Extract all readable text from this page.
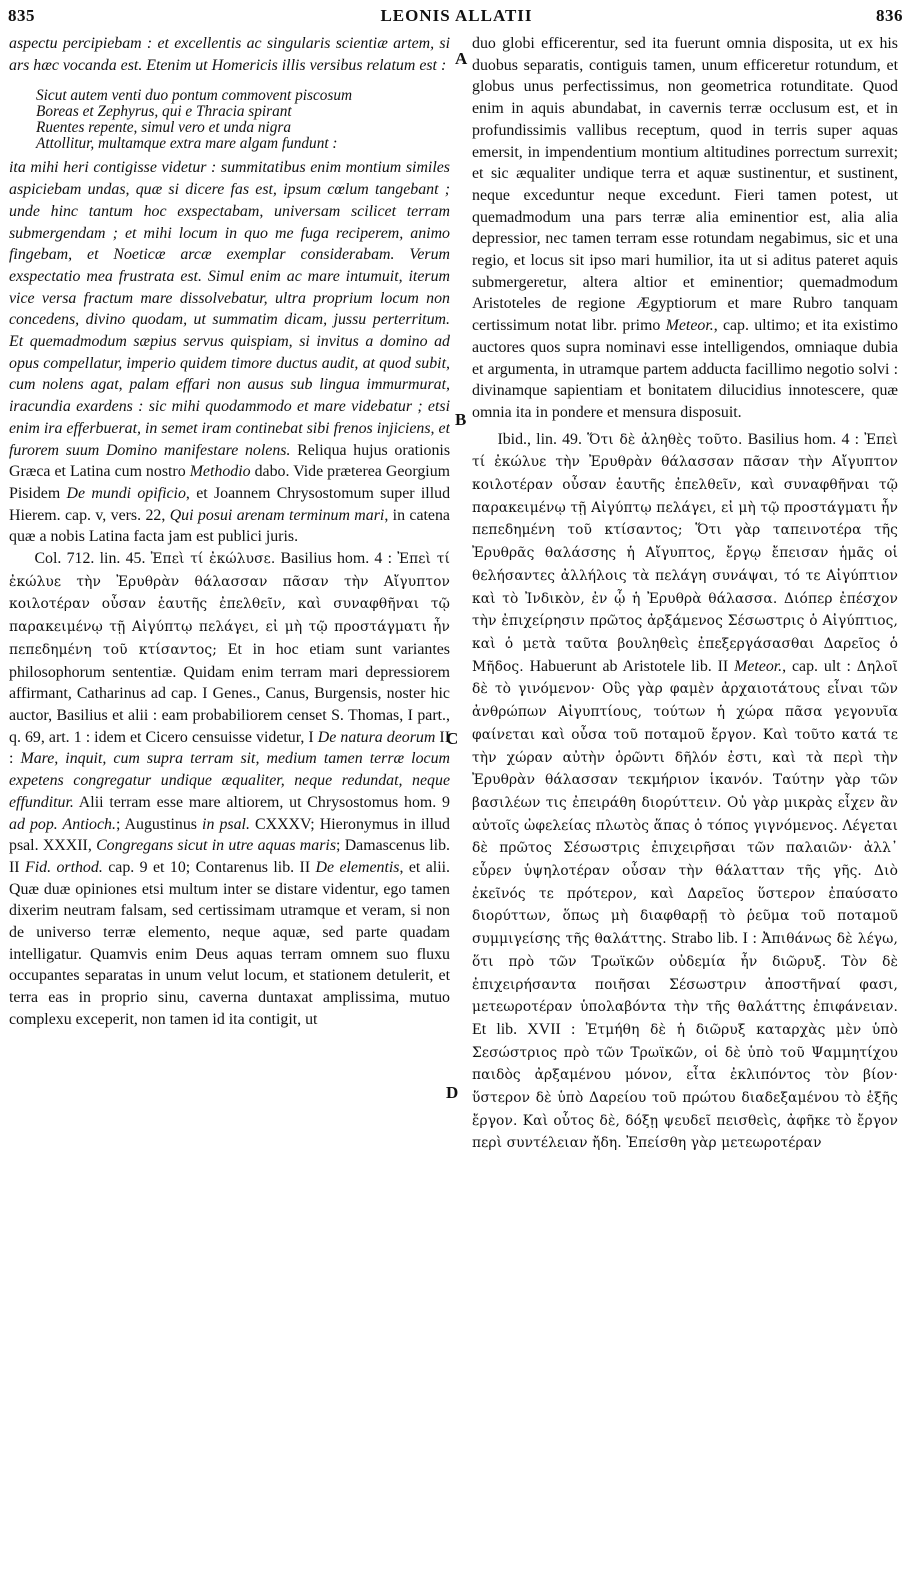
835	LEONIS ALLATII	836
A
B
C
D

aspectu percipiebam : et excellentis ac singularis scientiæ artem, si ars hæc vocanda est. Etenim ut Homericis illis versibus relatum est :

Sicut autem venti duo pontum commovent piscosum
Boreas et Zephyrus, qui e Thracia spirant
Ruentes repente, simul vero et unda nigra
Attollitur, multamque extra mare algam fundunt :

ita mihi heri contigisse videtur : summitatibus enim montium similes aspiciebam undas, quæ si dicere fas est, ipsum cœlum tangebant ; unde hinc tantum hoc exspectabam, universam scilicet terram submergendam ; et mihi locum in quo me fuga reciperem, animo fingebam, et Noeticæ arcæ exemplar considerabam. Verum exspectatio mea frustrata est. Simul enim ac mare intumuit, iterum vice versa fractum mare dissolvebatur, ultra proprium locum non concedens, divino quodam, ut summatim dicam, jussu perterritum. Et quemadmodum sæpius servus quispiam, si invitus a domino ad opus compellatur, imperio quidem timore ductus audit, at quod subit, cum nolens agat, palam effari non ausus sub lingua immurmurat, iracundia exardens : sic mihi quodammodo et mare videbatur ; etsi enim ira efferbuerat, in semet iram continebat sibi frenos injiciens, et furorem suum Domino manifestare nolens. Reliqua hujus orationis Græca et Latina cum nostro Methodio dabo. Vide præterea Georgium Pisidem De mundi opificio, et Joannem Chrysostomum super illud Hierem. cap. v, vers. 22, Qui posui arenam terminum mari, in catena quæ a nobis Latina facta jam est publici juris.

Col. 712. lin. 45. Ἐπεὶ τί ἐκώλυσε. Basilius hom. 4 : Ἐπεὶ τί ἐκώλυε τὴν Ἐρυθρὰν θάλασσαν πᾶσαν τὴν Αἴγυπτον κοιλοτέραν οὖσαν ἑαυτῆς ἐπελθεῖν, καὶ συναφθῆναι τῷ παρακειμένῳ τῇ Αἰγύπτῳ πελάγει, εἰ μὴ τῷ προστάγματι ἦν πεπεδημένη τοῦ κτίσαντος; Et in hoc etiam sunt variantes philosophorum sententiæ. Quidam enim terram mari depressiorem affirmant, Catharinus ad cap. I Genes., Canus, Burgensis, noster hic auctor, Basilius et alii : eam probabiliorem censet S. Thomas, I part., q. 69, art. 1 : idem et Cicero censuisse videtur, I De natura deorum II : Mare, inquit, cum supra terram sit, medium tamen terræ locum expetens congregatur undique æqualiter, neque redundat, neque effunditur. Alii terram esse mare altiorem, ut Chrysostomus hom. 9 ad pop. Antioch.; Augustinus in psal. CXXXV; Hieronymus in illud psal. XXXII, Congregans sicut in utre aquas maris; Damascenus lib. II Fid. orthod. cap. 9 et 10; Contarenus lib. II De elementis, et alii. Quæ duæ opiniones etsi multum inter se distare videntur, ego tamen dixerim neutram falsam, sed certissimam utramque et veram, si non de universo terræ elemento, neque aquæ, sed parte quadam intelligatur. Quamvis enim Deus aquas terram omnem suo fluxu occupantes separatas in unum velut locum, et stationem detulerit, et terra eas in proprio sinu, caverna duntaxat amplissima, mutuo complexu exceperit, non tamen id ita contigit, ut

duo globi efficerentur, sed ita fuerunt omnia disposita, ut ex his duobus separatis, contiguis tamen, unum efficeretur rotundum, et globus unus perfectissimus, non geometrica rotunditate. Quod enim in aquis abundabat, in cavernis terræ occlusum est, et in profundissimis vallibus receptum, quod in terris super aquas emersit, in impendentium montium altitudines porrectum surrexit; et sic æqualiter undique terra et aquæ sustinentur, et sustinent, neque exceduntur neque excedunt. Fieri tamen potest, ut quemadmodum una pars terræ alia eminentior est, alia alia depressior, nec tamen terram esse rotundam negabimus, sic et una regio, et locus sit ipso mari humilior, ita ut si aditus pateret aquis submergeretur, altera altior et eminentior; quemadmodum Aristoteles de regione Ægyptiorum et mare Rubro tanquam certissimum notat libr. primo Meteor., cap. ultimo; et ita existimo auctores quos supra nominavi esse intelligendos, omniaque dubia et argumenta, in utramque partem adducta facillimo negotio solvi : divinamque sapientiam et bonitatem dilucidius innotescere, quæ omnia ita in pondere et mensura disposuit.

Ibid., lin. 49. Ὅτι δὲ ἀληθὲς τοῦτο. Basilius hom. 4 : Ἐπεὶ τί ἐκώλυε τὴν Ἐρυθρὰν θάλασσαν πᾶσαν τὴν Αἴγυπτον κοιλοτέραν οὖσαν ἑαυτῆς ἐπελθεῖν, καὶ συναφθῆναι τῷ παρακειμένῳ τῇ Αἰγύπτῳ πελάγει, εἰ μὴ τῷ προστάγματι ἦν πεπεδημένη τοῦ κτίσαντος; Ὅτι γὰρ ταπεινοτέρα τῆς Ἐρυθρᾶς θαλάσσης ἡ Αἴγυπτος, ἔργῳ ἔπεισαν ἡμᾶς οἱ θελήσαντες ἀλλήλοις τὰ πελάγη συνάψαι, τό τε Αἰγύπτιον καὶ τὸ Ἰνδικὸν, ἐν ᾧ ἡ Ἐρυθρὰ θάλασσα. Διόπερ ἐπέσχον τὴν ἐπιχείρησιν πρῶτος ἀρξάμενος Σέσωστρις ὁ Αἰγύπτιος, καὶ ὁ μετὰ ταῦτα βουληθεὶς ἐπεξεργάσασθαι Δαρεῖος ὁ Μῆδος. Habuerunt ab Aristotele lib. II Meteor., cap. ult : Δηλοῖ δὲ τὸ γινόμενον· Οὓς γὰρ φαμὲν ἀρχαιοτάτους εἶναι τῶν ἀνθρώπων Αἰγυπτίους, τούτων ἡ χώρα πᾶσα γεγονυῖα φαίνεται καὶ οὖσα τοῦ ποταμοῦ ἔργον. Καὶ τοῦτο κατά τε τὴν χώραν αὐτὴν ὁρῶντι δῆλόν ἐστι, καὶ τὰ περὶ τὴν Ἐρυθρὰν θάλασσαν τεκμήριον ἱκανόν. Ταύτην γὰρ τῶν βασιλέων τις ἐπειράθη διορύττειν. Οὐ γὰρ μικρὰς εἶχεν ἂν αὐτοῖς ὠφελείας πλωτὸς ἅπας ὁ τόπος γιγνόμενος. Λέγεται δὲ πρῶτος Σέσωστρις ἐπιχειρῆσαι τῶν παλαιῶν· ἀλλ᾽ εὗρεν ὑψηλοτέραν οὖσαν τὴν θάλατταν τῆς γῆς. Διὸ ἐκεῖνός τε πρότερον, καὶ Δαρεῖος ὕστερον ἐπαύσατο διορύττων, ὅπως μὴ διαφθαρῇ τὸ ῥεῦμα τοῦ ποταμοῦ συμμιγείσης τῆς θαλάττης. Strabo lib. I : Ἀπιθάνως δὲ λέγω, ὅτι πρὸ τῶν Τρωϊκῶν οὐδεμία ἦν διῶρυξ. Τὸν δὲ ἐπιχειρήσαντα ποιῆσαι Σέσωστριν ἀποστῆναί φασι, μετεωροτέραν ὑπολαβόντα τὴν τῆς θαλάττης ἐπιφάνειαν. Et lib. XVII : Ἐτμήθη δὲ ἡ διῶρυξ καταρχὰς μὲν ὑπὸ Σεσώστριος πρὸ τῶν Τρωϊκῶν, οἱ δὲ ὑπὸ τοῦ Ψαμμητίχου παιδὸς ἀρξαμένου μόνον, εἶτα ἐκλιπόντος τὸν βίον· ὕστερον δὲ ὑπὸ Δαρείου τοῦ πρώτου διαδεξαμένου τὸ ἑξῆς ἔργον. Καὶ οὗτος δὲ, δόξῃ ψευδεῖ πεισθεὶς, ἀφῆκε τὸ ἔργον περὶ συντέλειαν ἤδη. Ἐπείσθη γὰρ μετεωροτέραν
